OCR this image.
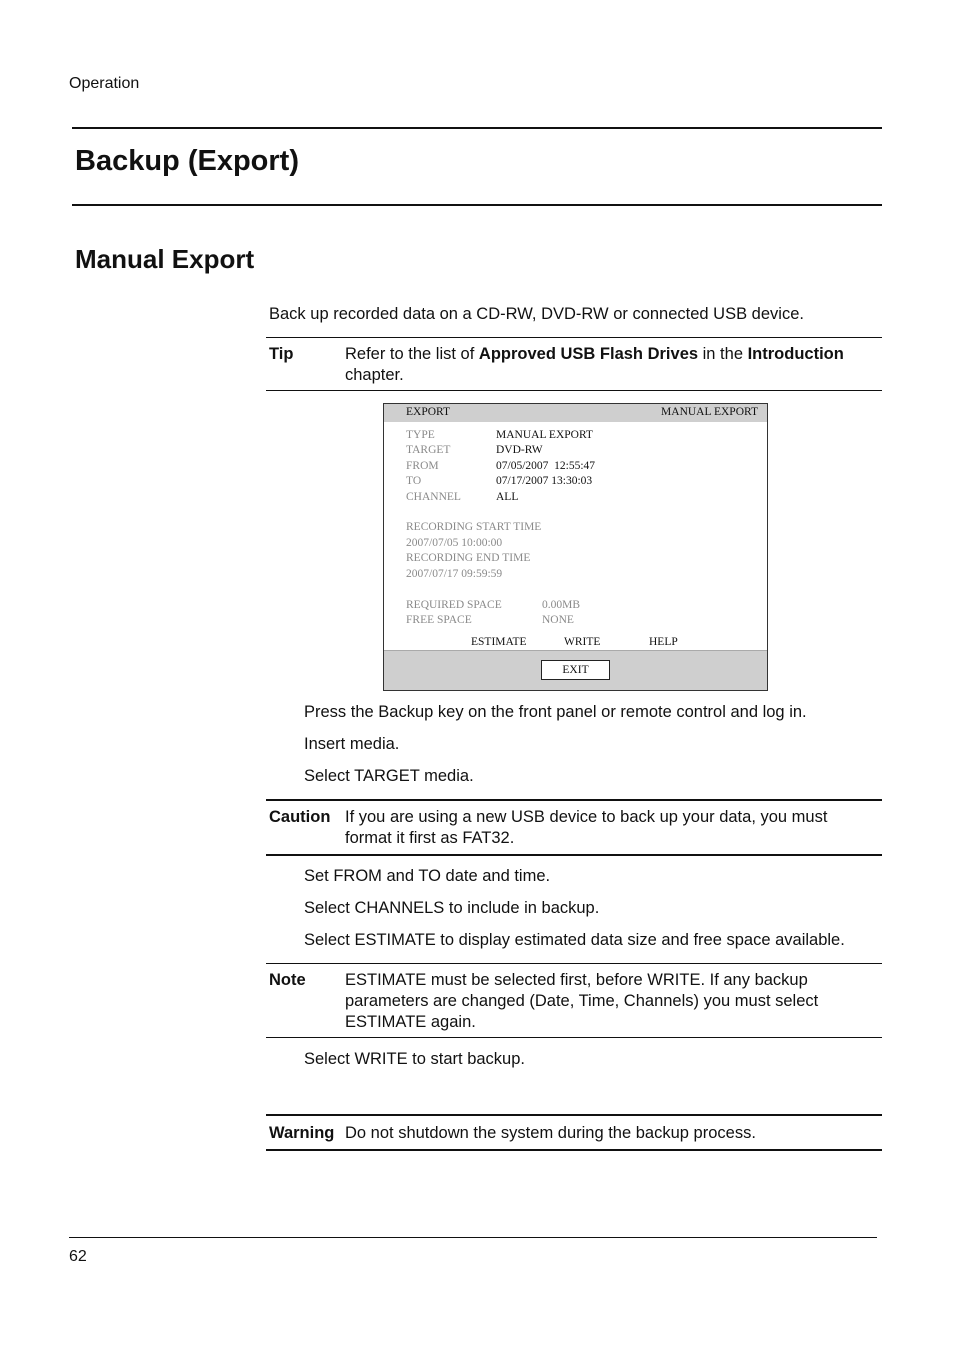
Operation
Backup (Export)
Manual Export
Back up recorded data on a CD-RW, DVD-RW or connected USB device.
Tip	Refer to the list of Approved USB Flash Drives in the Introduction chapter.
EXPORT	MANUAL EXPORT
TYPE	MANUAL EXPORT
TARGET	DVD-RW
FROM	07/05/2007  12:55:47
TO	07/17/2007 13:30:03
CHANNEL	ALL
RECORDING START TIME
2007/07/05 10:00:00
RECORDING END TIME
2007/07/17 09:59:59
REQUIRED SPACE	0.00MB
FREE SPACE	NONE
ESTIMATE	WRITE	HELP
EXIT
Press the Backup key on the front panel or remote control and log in.
Insert media.
Select TARGET media.
Caution If you are using a new USB device to back up your data, you must format it first as FAT32.
Set FROM and TO date and time.
Select CHANNELS to include in backup.
Select ESTIMATE to display estimated data size and free space available.
Note ESTIMATE must be selected first, before WRITE. If any backup parameters are changed (Date, Time, Channels) you must select ESTIMATE again.
Select WRITE to start backup.
Warning Do not shutdown the system during the backup process.
62
